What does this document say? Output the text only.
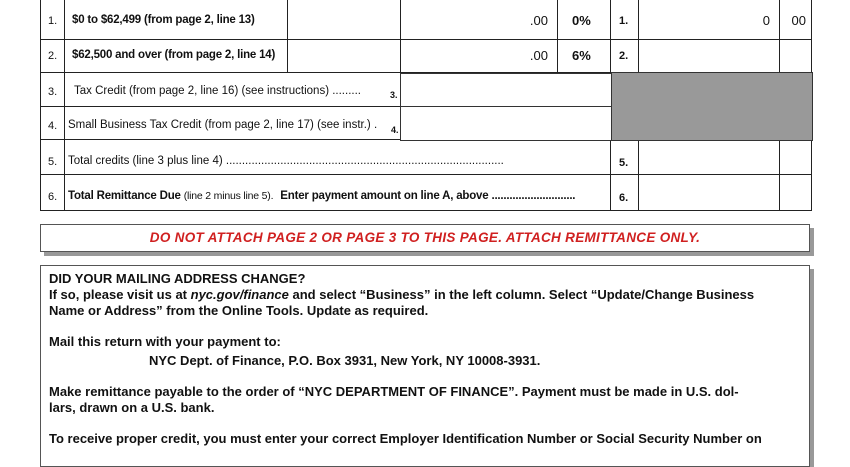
1. $0 to $62,499 (from page 2, line 13)	.00 0%	1.	0	00
2. $62,500 and over (from page 2, line 14)	.00 6%	2.
3. Tax Credit (from page 2, line 16) (see instructions) .........	3.
4. Small Business Tax Credit (from page 2, line 17) (see instr.) . 4.
5. Total credits (line 3 plus line 4) .......................................................................................	5.
6. Total Remittance Due (line 2 minus line 5). Enter payment amount on line A, above ............................	6.
DO NOT ATTACH PAGE 2 OR PAGE 3 TO THIS PAGE. ATTACH REMITTANCE ONLY.
DID YOUR MAILING ADDRESS CHANGE?
If so, please visit us at nyc.gov/finance and select “Business” in the left column. Select “Update/Change Business
Name or Address” from the Online Tools. Update as required.
Mail this return with your payment to:
NYC Dept. of Finance, P.O. Box 3931, New York, NY 10008-3931.
Make remittance payable to the order of “NYC DEPARTMENT OF FINANCE”. Payment must be made in U.S. dol-
lars, drawn on a U.S. bank.
To receive proper credit, you must enter your correct Employer Identification Number or Social Security Number on
